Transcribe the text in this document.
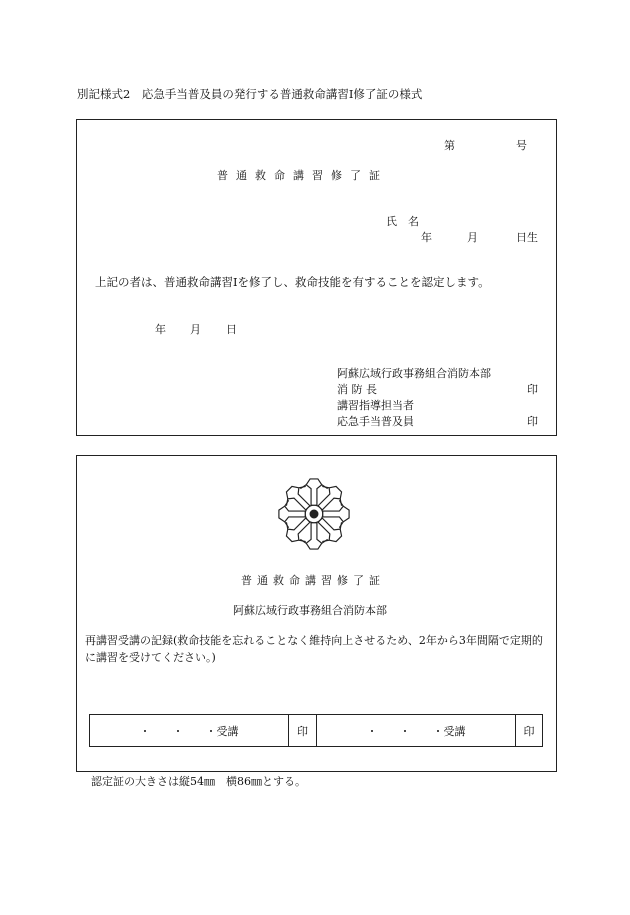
別記様式2　応急手当普及員の発行する普通救命講習Ⅰ修了証の様式
第	号
普通救命講習修了証
氏　名
年	月	日生
上記の者は、普通救命講習Ⅰを修了し、救命技能を有することを認定します。
年 月 日
阿蘇広域行政事務組合消防本部
消 防 長	印
講習指導担当者
応急手当普及員	印
普通救命講習修了証
阿蘇広域行政事務組合消防本部
再講習受講の記録(救命技能を忘れることなく維持向上させるため、2年から3年間隔で定期的に講習を受けてください。)
・　　・　　・受講	印	・　　・　　・受講	印
認定証の大きさは縦54㎜　横86㎜とする。
